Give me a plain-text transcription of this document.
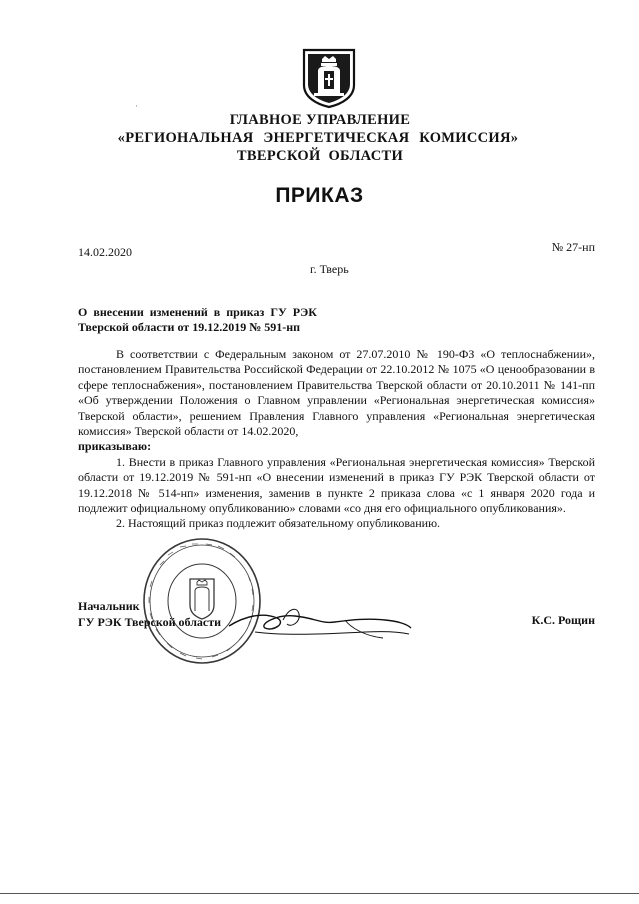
·
ГЛАВНОЕ УПРАВЛЕНИЕ
«РЕГИОНАЛЬНАЯ ЭНЕРГЕТИЧЕСКАЯ КОМИССИЯ»
ТВЕРСКОЙ ОБЛАСТИ
ПРИКАЗ
14.02.2020	№ 27-нп
г. Тверь
О внесении изменений в приказ ГУ РЭК
Тверской области от 19.12.2019 № 591-нп

В соответствии с Федеральным законом от 27.07.2010 № 190-ФЗ «О теплоснабжении», постановлением Правительства Российской Федерации от 22.10.2012 № 1075 «О ценообразовании в сфере теплоснабжения», постановлением Правительства Тверской области от 20.10.2011 № 141-пп «Об утверждении Положения о Главном управлении «Региональная энергетическая комиссия» Тверской области», решением Правления Главного управления «Региональная энергетическая комиссия» Тверской области от 14.02.2020,

приказываю:

1. Внести в приказ Главного управления «Региональная энергетическая комиссия» Тверской области от 19.12.2019 № 591-нп «О внесении изменений в приказ ГУ РЭК Тверской области от 19.12.2018 № 514-нп» изменения, заменив в пункте 2 приказа слова «с 1 января 2020 года и подлежит официальному опубликованию» словами «со дня его официального опубликования».

2. Настоящий приказ подлежит обязательному опубликованию.

Начальник
ГУ РЭК Тверской области	К.С. Рощин
